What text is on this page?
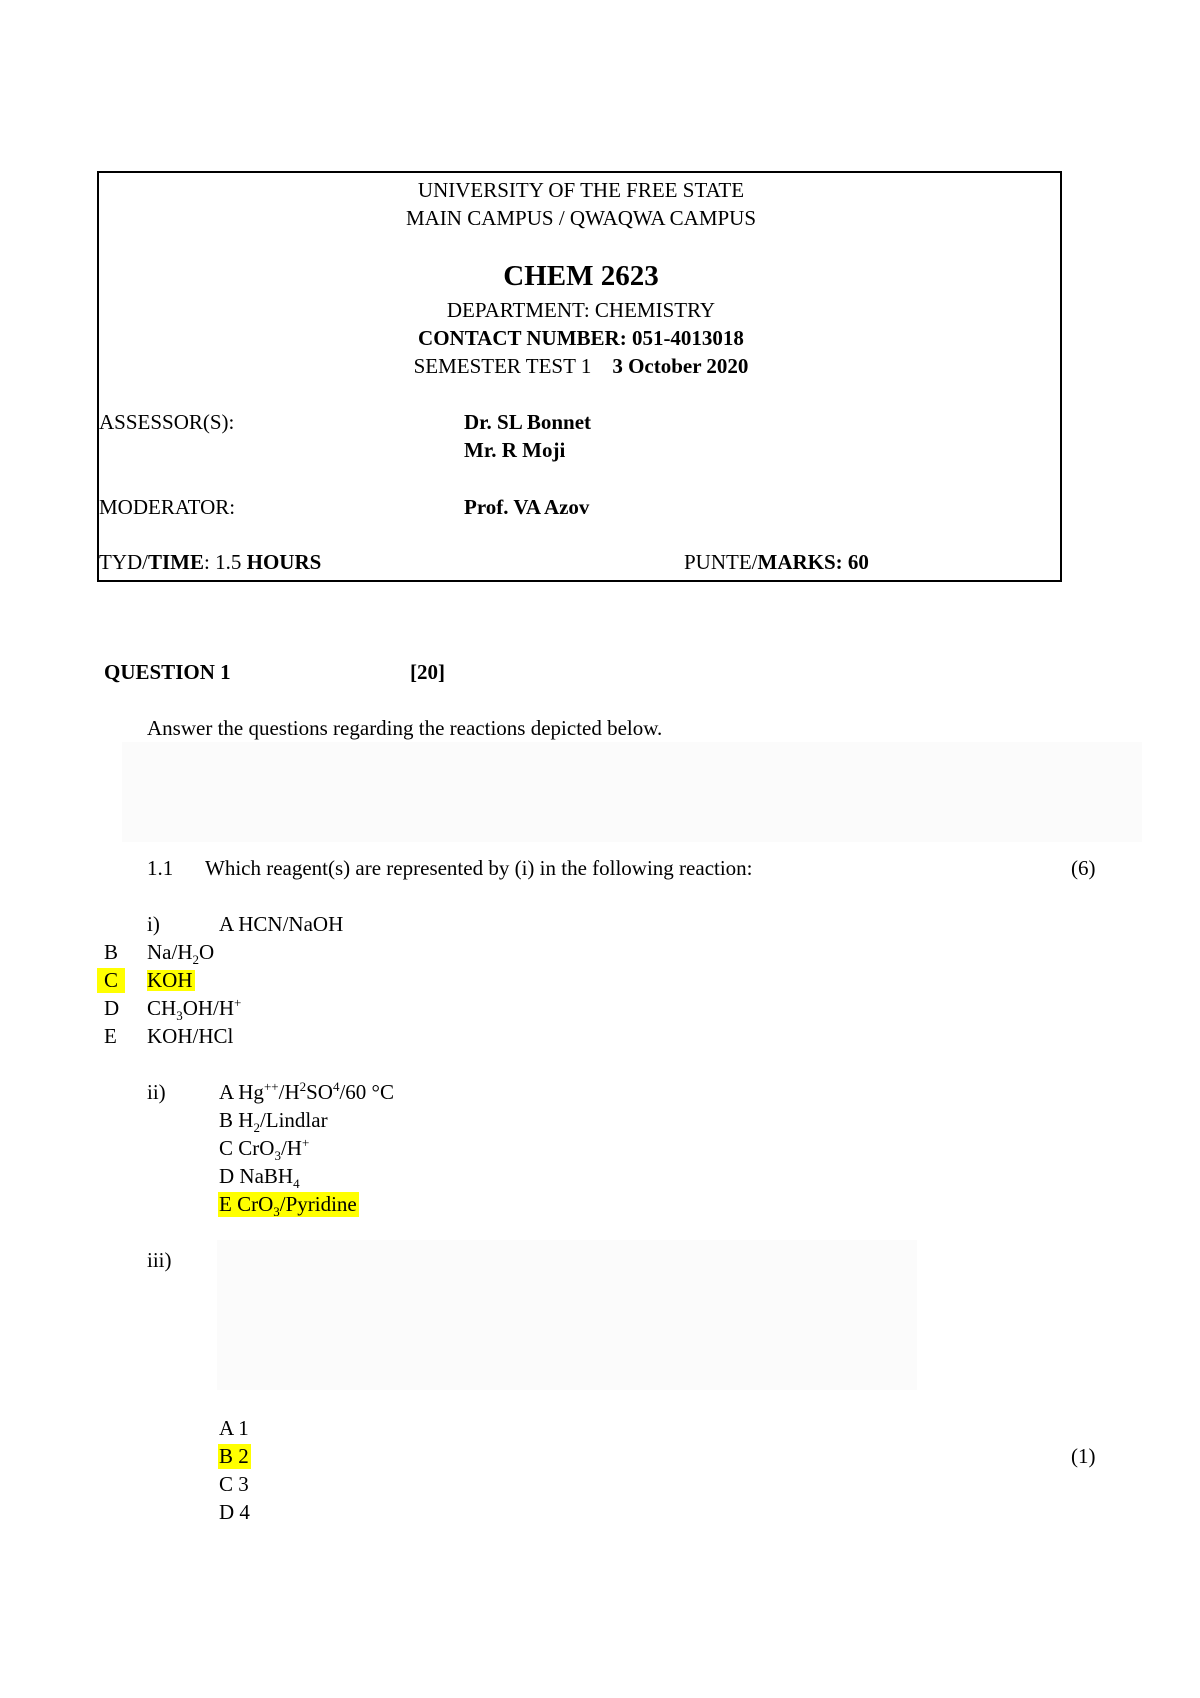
UNIVERSITY OF THE FREE STATE
MAIN CAMPUS / QWAQWA CAMPUS
CHEM 2623
DEPARTMENT: CHEMISTRY
CONTACT NUMBER: 051-4013018
SEMESTER TEST 1 3 October 2020
ASSESSOR(S):	Dr. SL Bonnet
Mr. R Moji
MODERATOR:	Prof. VA Azov
TYD/TIME: 1.5 HOURS	PUNTE/MARKS: 60
QUESTION 1	[20]
Answer the questions regarding the reactions depicted below.
1.1 Which reagent(s) are represented by (i) in the following reaction:	(6)
i)	A HCN/NaOH
B $Na/H_2O$
C KOH
D $CH_3OH/H^+$
E KOH/HCl
ii)	A $Hg^{++}/H^2SO^4/60$ °C
B $H_2$/Lindlar
C CrO$_3$/H+
D NaBH$_4$
E CrO$_3$/Pyridine
iii)
A 1
B 2	(1)
C 3
D 4
